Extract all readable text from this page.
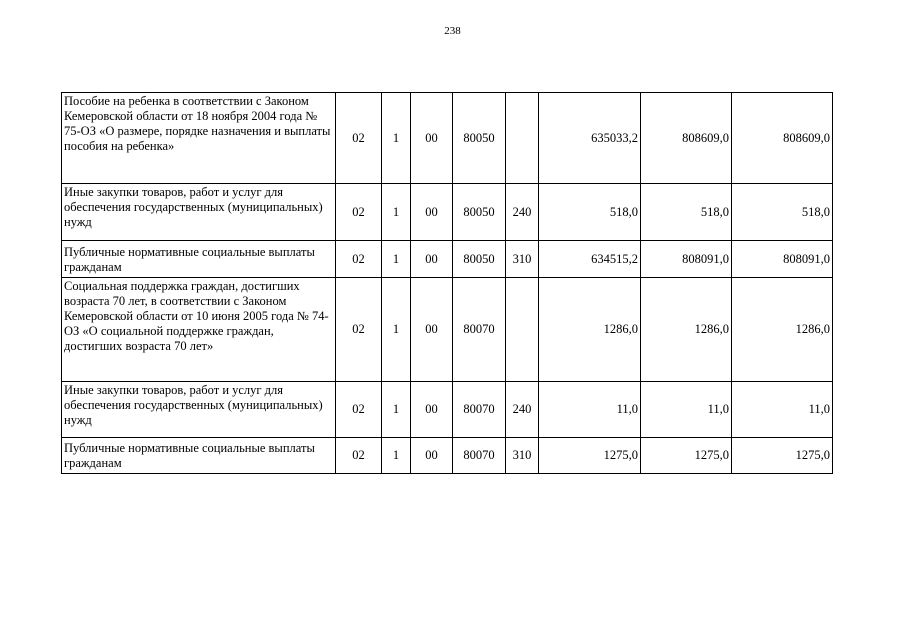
238
Пособие на ребенка в соответствии с Законом Кемеровской области от 18 ноября 2004 года № 75-ОЗ «О размере, порядке назначения и выплаты пособия на ребенка»	02	1	00	80050		635033,2	808609,0	808609,0

Иные закупки товаров, работ и услуг для обеспечения государственных (муниципальных) нужд	02	1	00	80050	240	518,0	518,0	518,0

Публичные нормативные социальные выплаты гражданам	02	1	00	80050	310	634515,2	808091,0	808091,0

Социальная поддержка граждан, достигших возраста 70 лет, в соответствии с Законом Кемеровской области от 10 июня 2005 года № 74-ОЗ «О социальной поддержке граждан, достигших возраста 70 лет»	02	1	00	80070		1286,0	1286,0	1286,0

Иные закупки товаров, работ и услуг для обеспечения государственных (муниципальных) нужд	02	1	00	80070	240	11,0	11,0	11,0

Публичные нормативные социальные выплаты гражданам	02	1	00	80070	310	1275,0	1275,0	1275,0
